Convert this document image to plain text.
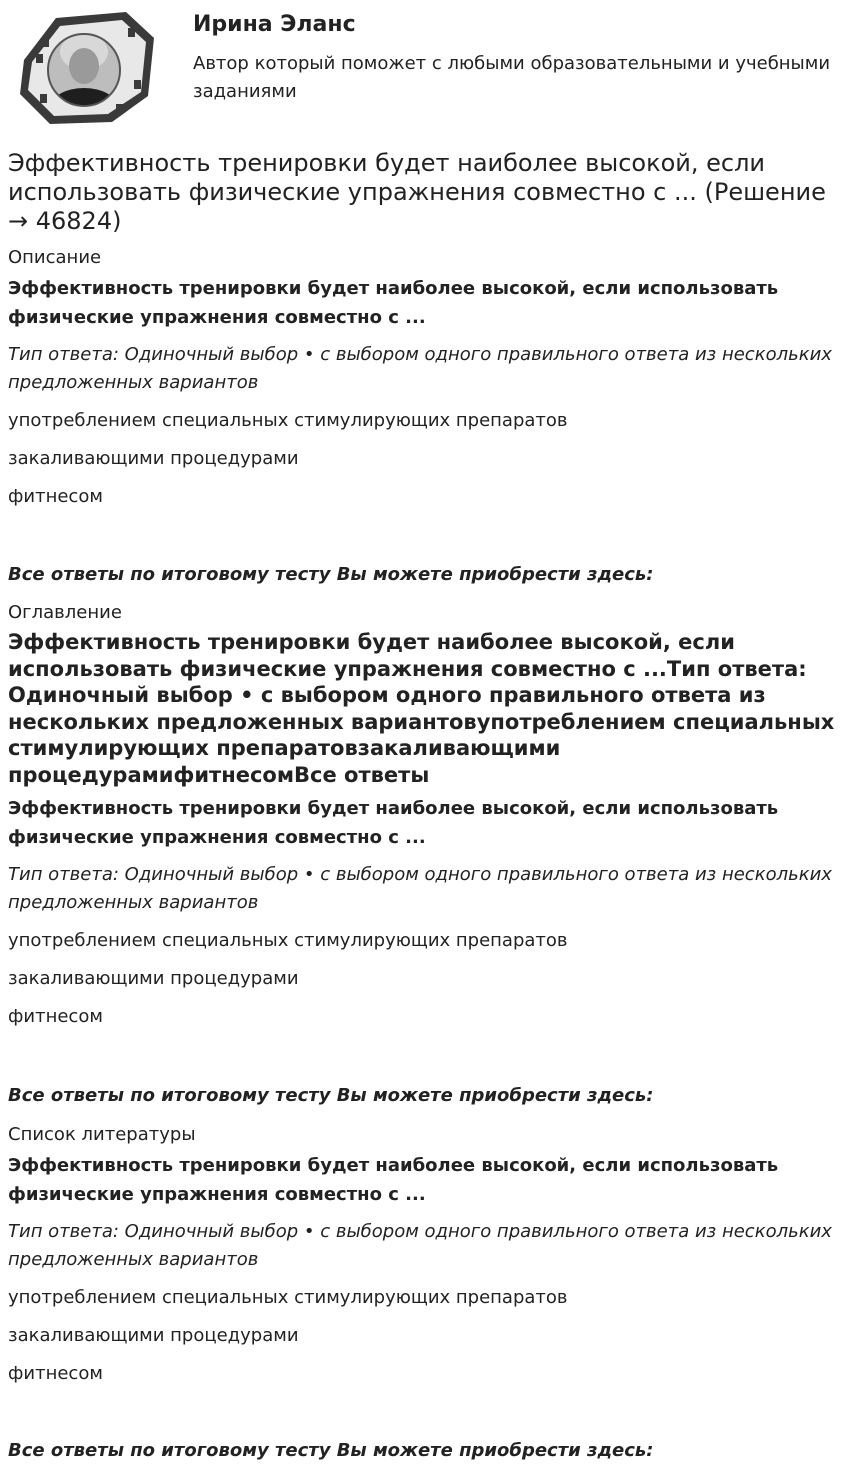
Ирина Эланс

Автор который поможет с любыми образовательными и учебными заданиями

Эффективность тренировки будет наиболее высокой, если использовать физические упражнения совместно с ... (Решение → 46824)

Описание

Эффективность тренировки будет наиболее высокой, если использовать физические упражнения совместно с ...

Тип ответа: Одиночный выбор • с выбором одного правильного ответа из нескольких предложенных вариантов

употреблением специальных стимулирующих препаратов

закаливающими процедурами

фитнесом

Все ответы по итоговому тесту Вы можете приобрести здесь:

Оглавление

Эффективность тренировки будет наиболее высокой, если использовать физические упражнения совместно с ...Тип ответа: Одиночный выбор • с выбором одного правильного ответа из нескольких предложенных вариантовупотреблением специальных стимулирующих препаратовзакаливающими процедурамифитнесомВсе ответы

Эффективность тренировки будет наиболее высокой, если использовать физические упражнения совместно с ...

Тип ответа: Одиночный выбор • с выбором одного правильного ответа из нескольких предложенных вариантов

употреблением специальных стимулирующих препаратов

закаливающими процедурами

фитнесом

Все ответы по итоговому тесту Вы можете приобрести здесь:

Список литературы

Эффективность тренировки будет наиболее высокой, если использовать физические упражнения совместно с ...

Тип ответа: Одиночный выбор • с выбором одного правильного ответа из нескольких предложенных вариантов

употреблением специальных стимулирующих препаратов

закаливающими процедурами

фитнесом

Все ответы по итоговому тесту Вы можете приобрести здесь:
